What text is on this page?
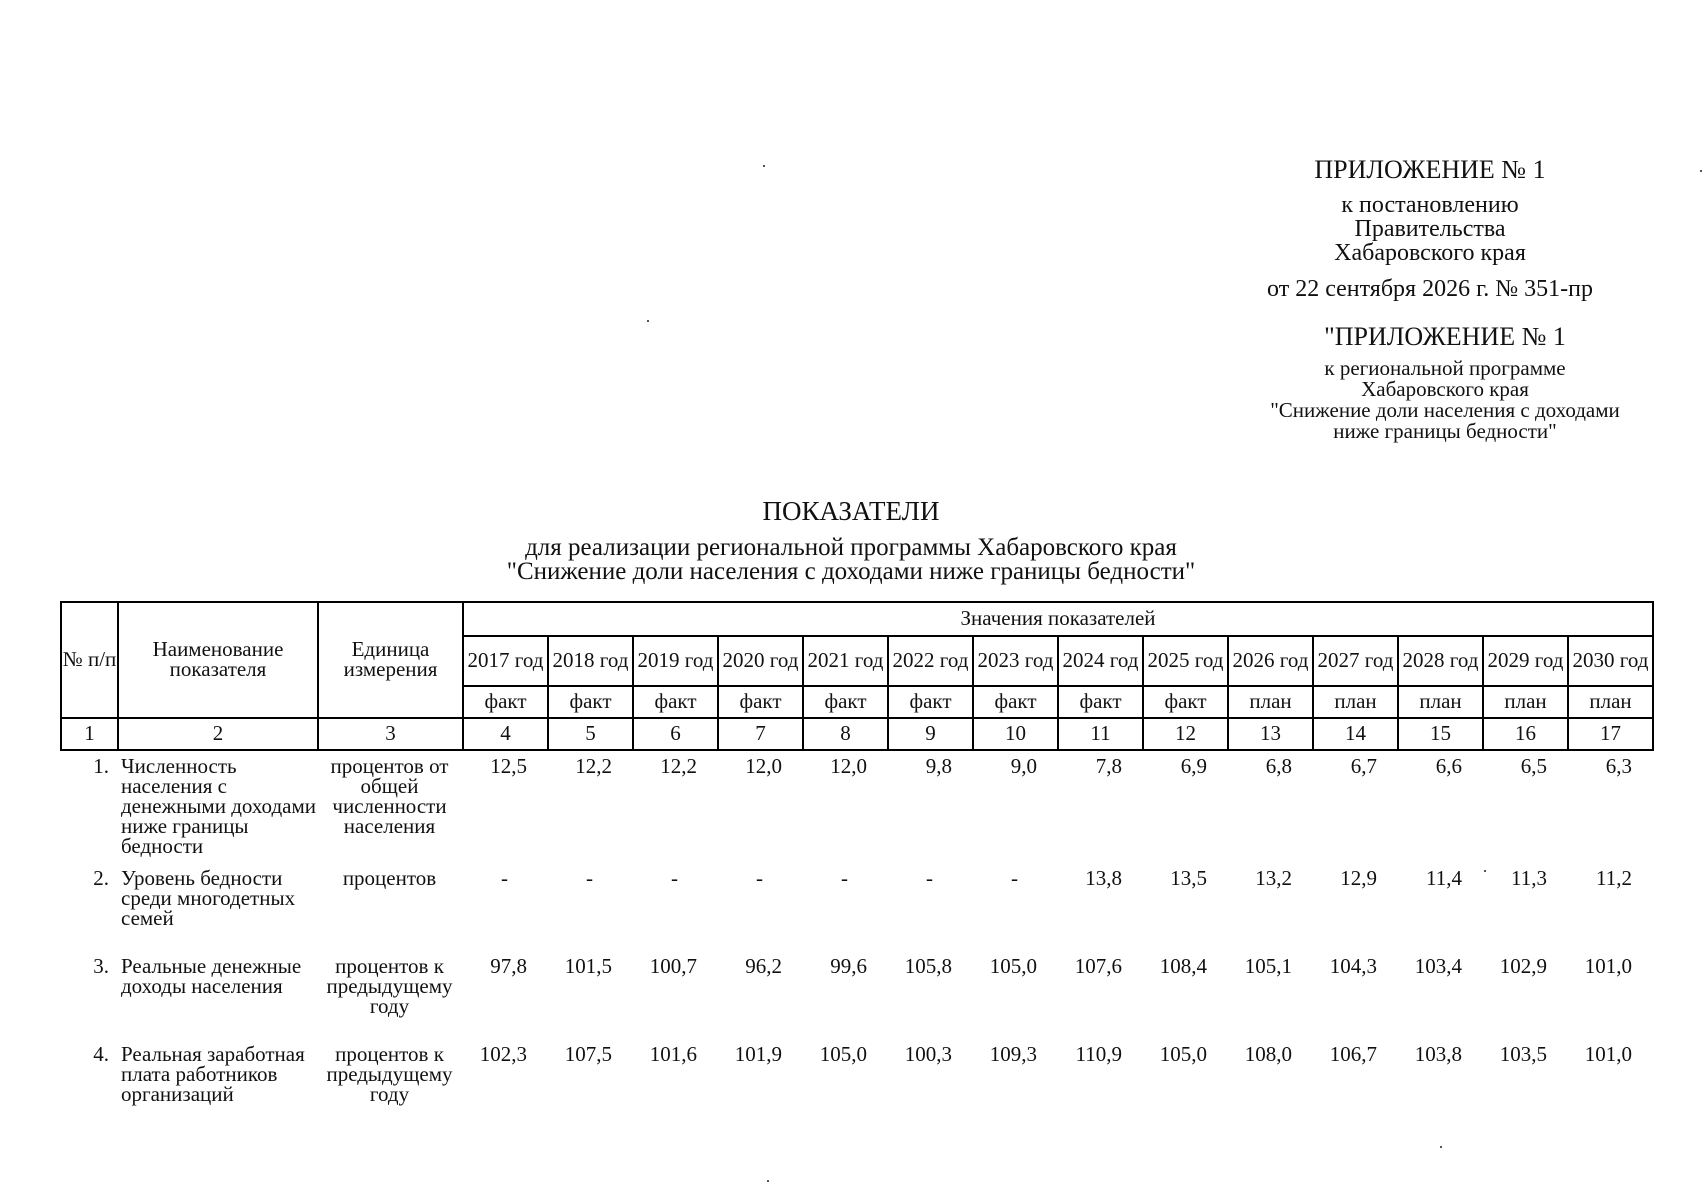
ПРИЛОЖЕНИЕ № 1
к постановлению
Правительства
Хабаровского края
от 22 сентября 2026 г. № 351-пр
"ПРИЛОЖЕНИЕ № 1
к региональной программе
Хабаровского края
"Снижение доли населения с доходами
ниже границы бедности"
ПОКАЗАТЕЛИ
для реализации региональной программы Хабаровского края
"Снижение доли населения с доходами ниже границы бедности"
№ п/п	Наименование показателя	Единица измерения	Значения показателей													
			2017 год	2018 год	2019 год	2020 год	2021 год	2022 год	2023 год	2024 год	2025 год	2026 год	2027 год	2028 год	2029 год	2030 год
			факт	факт	факт	факт	факт	факт	факт	факт	факт	план	план	план	план	план
1	2	3	4	5	6	7	8	9	10	11	12	13	14	15	16	17
1.	Численность населения с денежными доходами ниже границы бедности	процентов от общей численности населения	12,5	12,2	12,2	12,0	12,0	9,8	9,0	7,8	6,9	6,8	6,7	6,6	6,5	6,3
2.	Уровень бедности среди многодетных семей	процентов	-	-	-	-	-	-	-	13,8	13,5	13,2	12,9	11,4	11,3	11,2
3.	Реальные денежные доходы населения	процентов к предыдущему году	97,8	101,5	100,7	96,2	99,6	105,8	105,0	107,6	108,4	105,1	104,3	103,4	102,9	101,0
4.	Реальная заработная плата работников организаций	процентов к предыдущему году	102,3	107,5	101,6	101,9	105,0	100,3	109,3	110,9	105,0	108,0	106,7	103,8	103,5	101,0
